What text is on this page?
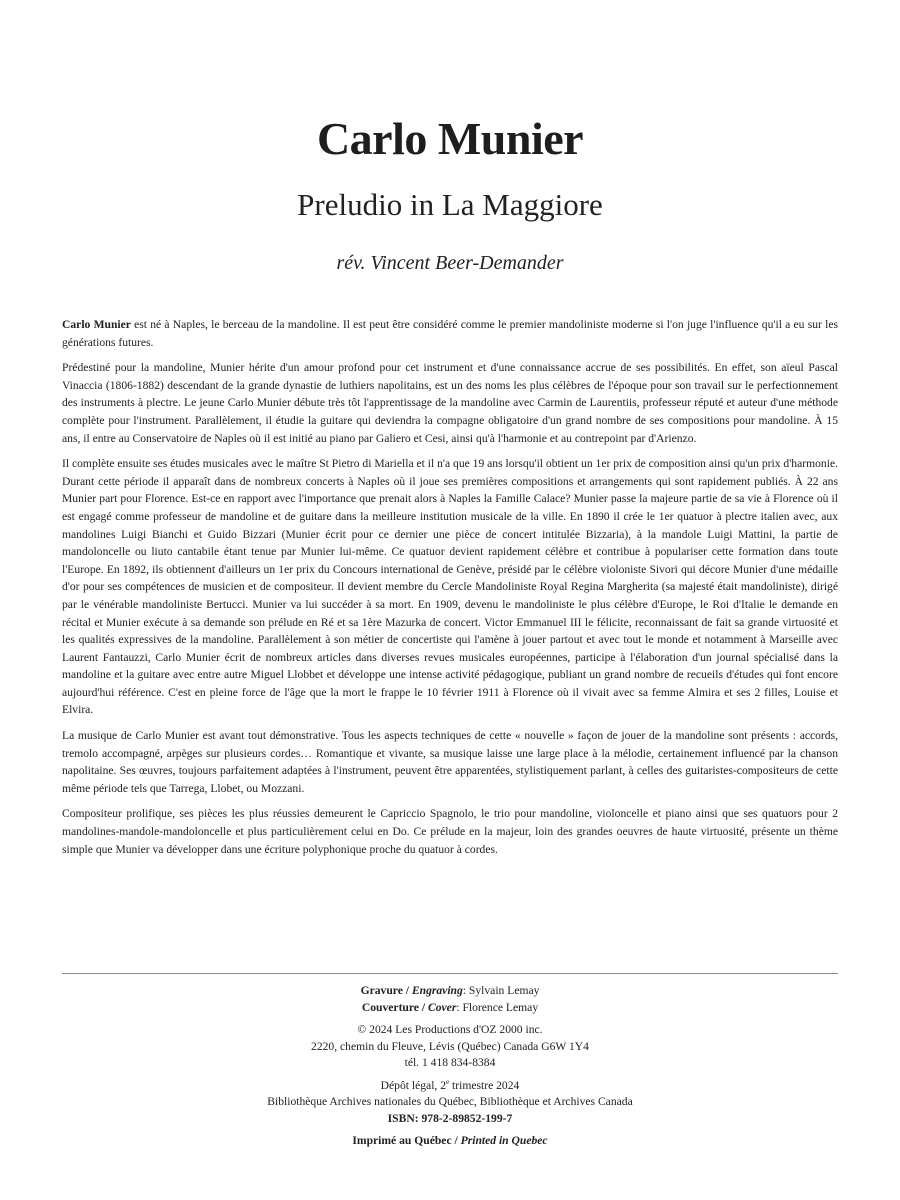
Carlo Munier
Preludio in La Maggiore
rév. Vincent Beer-Demander

Carlo Munier est né à Naples, le berceau de la mandoline. Il est peut être considéré comme le premier mandoliniste moderne si l'on juge l'influence qu'il a eu sur les générations futures.

Prédestiné pour la mandoline, Munier hérite d'un amour profond pour cet instrument et d'une connaissance accrue de ses possibilités. En effet, son aïeul Pascal Vinaccia (1806-1882) descendant de la grande dynastie de luthiers napolitains, est un des noms les plus célèbres de l'époque pour son travail sur le perfectionnement des instruments à plectre. Le jeune Carlo Munier débute très tôt l'apprentissage de la mandoline avec Carmin de Laurentiis, professeur réputé et auteur d'une méthode complète pour l'instrument. Parallèlement, il étudie la guitare qui deviendra la compagne obligatoire d'un grand nombre de ses compositions pour mandoline. À 15 ans, il entre au Conservatoire de Naples où il est initié au piano par Galiero et Cesi, ainsi qu'à l'harmonie et au contrepoint par d'Arienzo.

Il complète ensuite ses études musicales avec le maître St Pietro di Mariella et il n'a que 19 ans lorsqu'il obtient un 1er prix de composition ainsi qu'un prix d'harmonie. Durant cette période il apparaît dans de nombreux concerts à Naples où il joue ses premières compositions et arrangements qui sont rapidement publiés. À 22 ans Munier part pour Florence. Est-ce en rapport avec l'importance que prenait alors à Naples la Famille Calace? Munier passe la majeure partie de sa vie à Florence où il est engagé comme professeur de mandoline et de guitare dans la meilleure institution musicale de la ville. En 1890 il crée le 1er quatuor à plectre italien avec, aux mandolines Luigi Bianchi et Guido Bizzari (Munier écrit pour ce dernier une pièce de concert intitulée Bizzaria), à la mandole Luigi Mattini, la partie de mandoloncelle ou liuto cantabile étant tenue par Munier lui-même. Ce quatuor devient rapidement célèbre et contribue à populariser cette formation dans toute l'Europe. En 1892, ils obtiennent d'ailleurs un 1er prix du Concours international de Genève, présidé par le célèbre violoniste Sivori qui décore Munier d'une médaille d'or pour ses compétences de musicien et de compositeur. Il devient membre du Cercle Mandoliniste Royal Regina Margherita (sa majesté était mandoliniste), dirigé par le vénérable mandoliniste Bertucci. Munier va lui succéder à sa mort. En 1909, devenu le mandoliniste le plus célèbre d'Europe, le Roi d'Italie le demande en récital et Munier exécute à sa demande son prélude en Ré et sa 1ère Mazurka de concert. Victor Emmanuel III le félicite, reconnaissant de fait sa grande virtuosité et les qualités expressives de la mandoline. Parallèlement à son métier de concertiste qui l'amène à jouer partout et avec tout le monde et notamment à Marseille avec Laurent Fantauzzi, Carlo Munier écrit de nombreux articles dans diverses revues musicales européennes, participe à l'élaboration d'un journal spécialisé dans la mandoline et la guitare avec entre autre Miguel Llobbet et développe une intense activité pédagogique, publiant un grand nombre de recueils d'études qui font encore aujourd'hui référence. C'est en pleine force de l'âge que la mort le frappe le 10 février 1911 à Florence où il vivait avec sa femme Almira et ses 2 filles, Louise et Elvira.

La musique de Carlo Munier est avant tout démonstrative. Tous les aspects techniques de cette « nouvelle » façon de jouer de la mandoline sont présents : accords, tremolo accompagné, arpèges sur plusieurs cordes… Romantique et vivante, sa musique laisse une large place à la mélodie, certainement influencé par la chanson napolitaine. Ses œuvres, toujours parfaitement adaptées à l'instrument, peuvent être apparentées, stylistiquement parlant, à celles des guitaristes-compositeurs de cette même période tels que Tarrega, Llobet, ou Mozzani.

Compositeur prolifique, ses pièces les plus réussies demeurent le Capriccio Spagnolo, le trio pour mandoline, violoncelle et piano ainsi que ses quatuors pour 2 mandolines-mandole-mandoloncelle et plus particulièrement celui en Do. Ce prélude en la majeur, loin des grandes oeuvres de haute virtuosité, présente un thème simple que Munier va développer dans une écriture polyphonique proche du quatuor à cordes.

Gravure / Engraving: Sylvain Lemay
Couverture / Cover: Florence Lemay
© 2024 Les Productions d'OZ 2000 inc.
2220, chemin du Fleuve, Lévis (Québec) Canada G6W 1Y4
tél. 1 418 834-8384
Dépôt légal, 2e trimestre 2024
Bibliothèque Archives nationales du Québec, Bibliothèque et Archives Canada
ISBN: 978-2-89852-199-7
Imprimé au Québec / Printed in Quebec
